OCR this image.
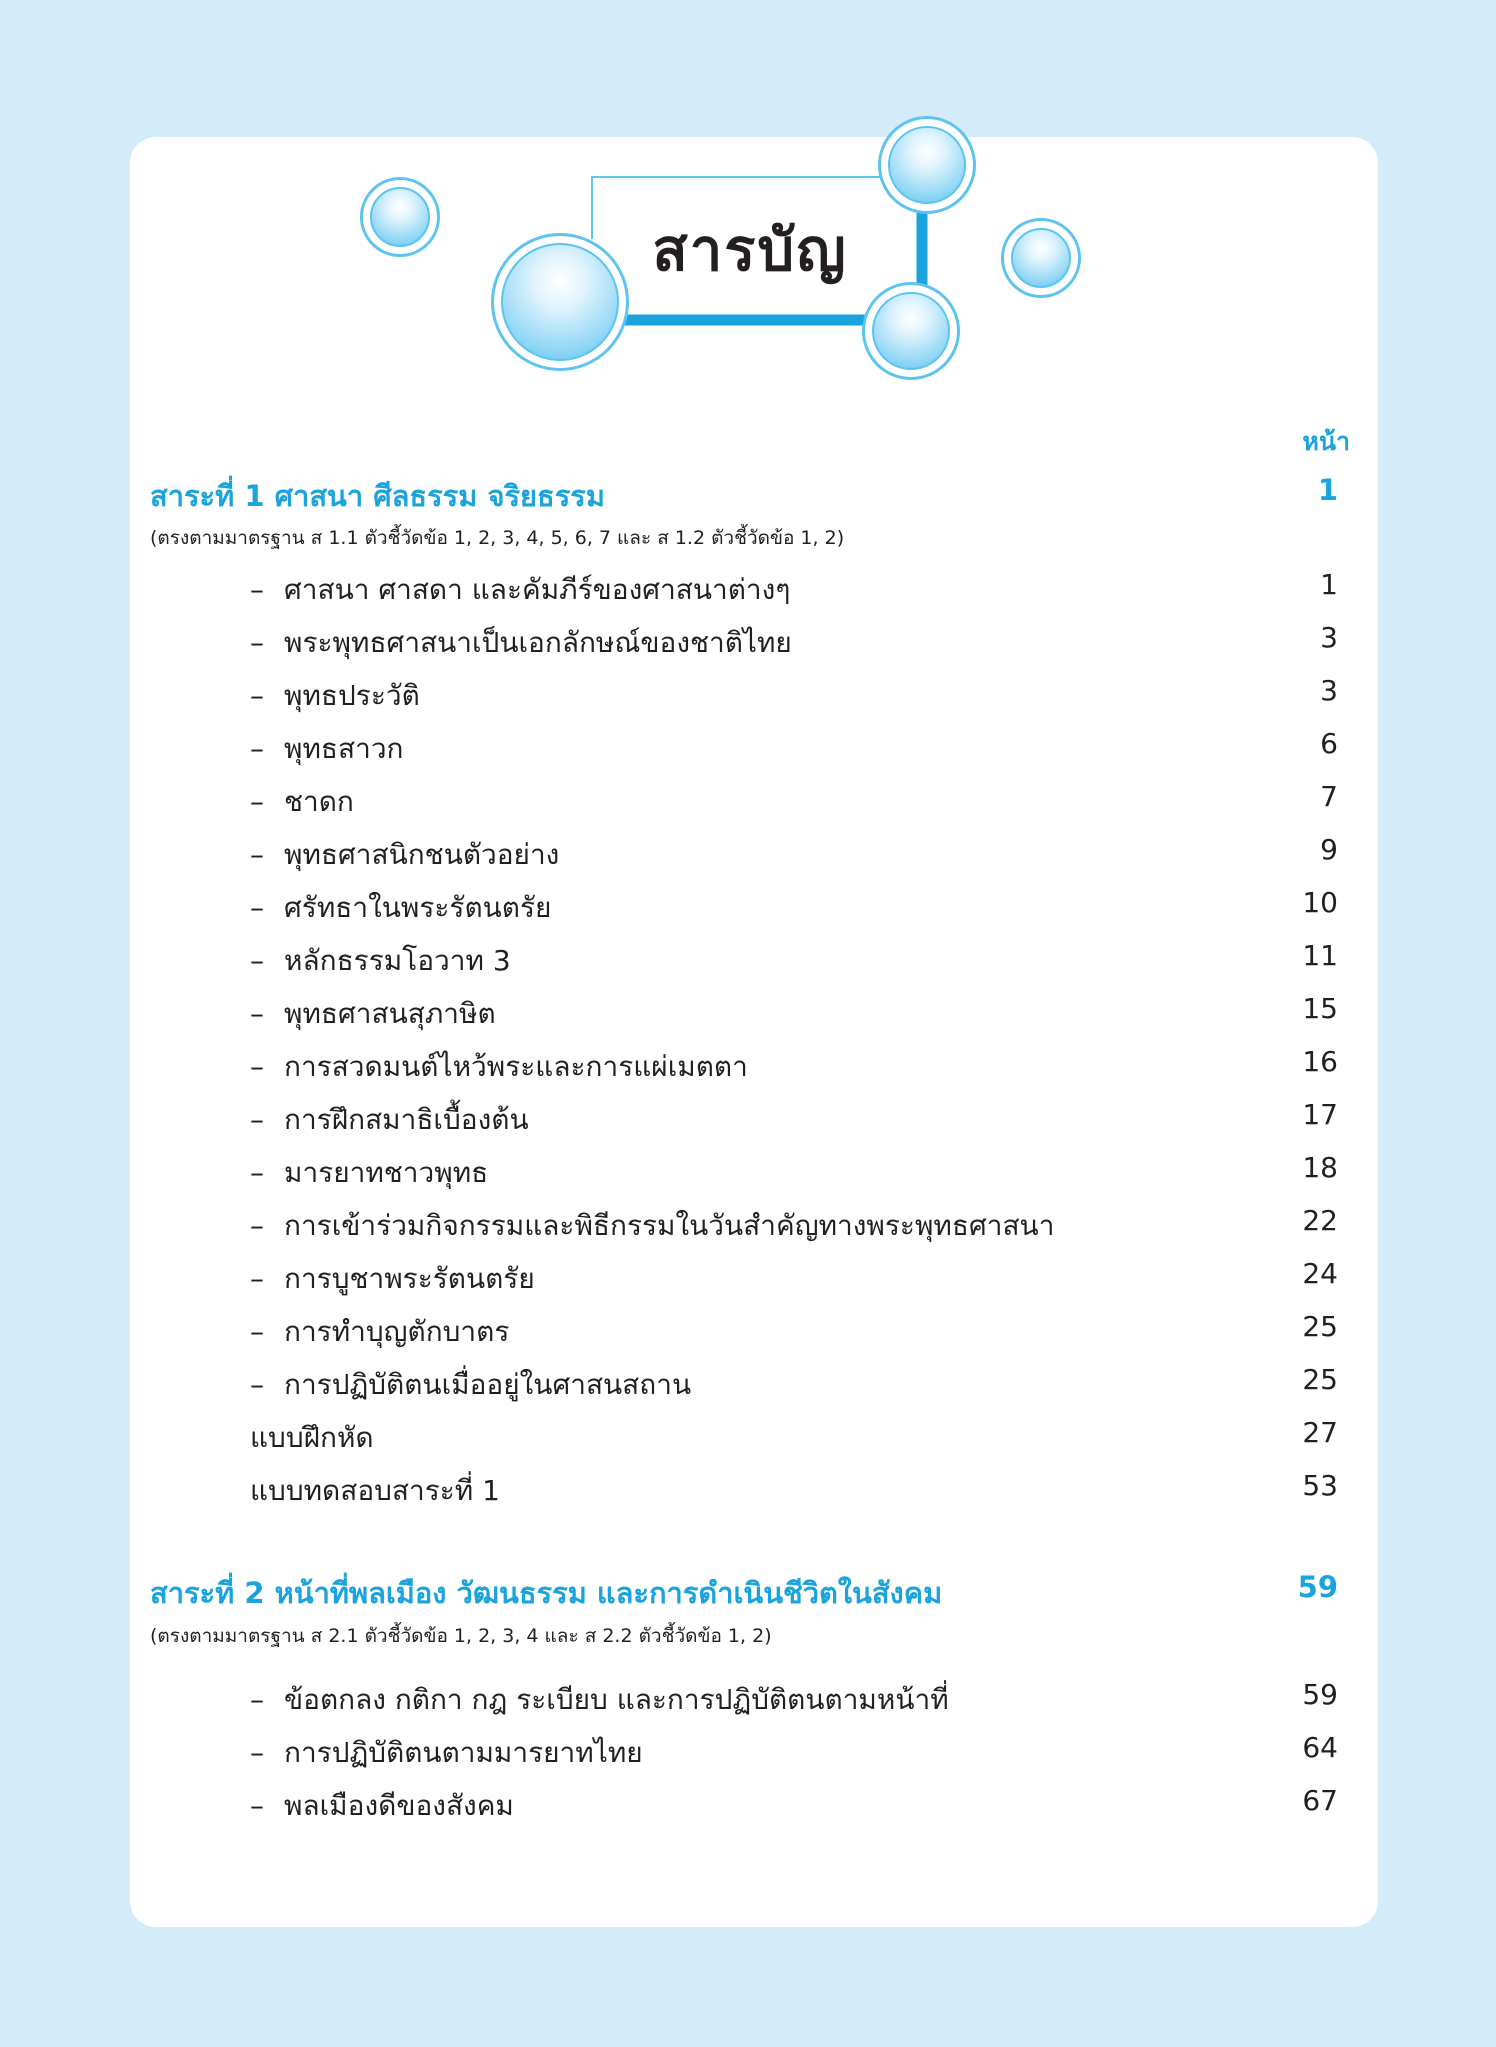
สารบัญ
หน้า
สาระที่ 1 ศาสนา ศีลธรรม จริยธรรม	1
(ตรงตามมาตรฐาน ส 1.1 ตัวชี้วัดข้อ 1, 2, 3, 4, 5, 6, 7 และ ส 1.2 ตัวชี้วัดข้อ 1, 2)
– ศาสนา ศาสดา และคัมภีร์ของศาสนาต่างๆ	1
– พระพุทธศาสนาเป็นเอกลักษณ์ของชาติไทย	3
– พุทธประวัติ	3
– พุทธสาวก	6
– ชาดก	7
– พุทธศาสนิกชนตัวอย่าง	9
– ศรัทธาในพระรัตนตรัย	10
– หลักธรรมโอวาท 3	11
– พุทธศาสนสุภาษิต	15
– การสวดมนต์ไหว้พระและการแผ่เมตตา	16
– การฝึกสมาธิเบื้องต้น	17
– มารยาทชาวพุทธ	18
– การเข้าร่วมกิจกรรมและพิธีกรรมในวันสำคัญทางพระพุทธศาสนา	22
– การบูชาพระรัตนตรัย	24
– การทำบุญตักบาตร	25
– การปฏิบัติตนเมื่ออยู่ในศาสนสถาน	25
แบบฝึกหัด	27
แบบทดสอบสาระที่ 1	53
สาระที่ 2 หน้าที่พลเมือง วัฒนธรรม และการดำเนินชีวิตในสังคม	59
(ตรงตามมาตรฐาน ส 2.1 ตัวชี้วัดข้อ 1, 2, 3, 4 และ ส 2.2 ตัวชี้วัดข้อ 1, 2)
– ข้อตกลง กติกา กฎ ระเบียบ และการปฏิบัติตนตามหน้าที่	59
– การปฏิบัติตนตามมารยาทไทย	64
– พลเมืองดีของสังคม	67
